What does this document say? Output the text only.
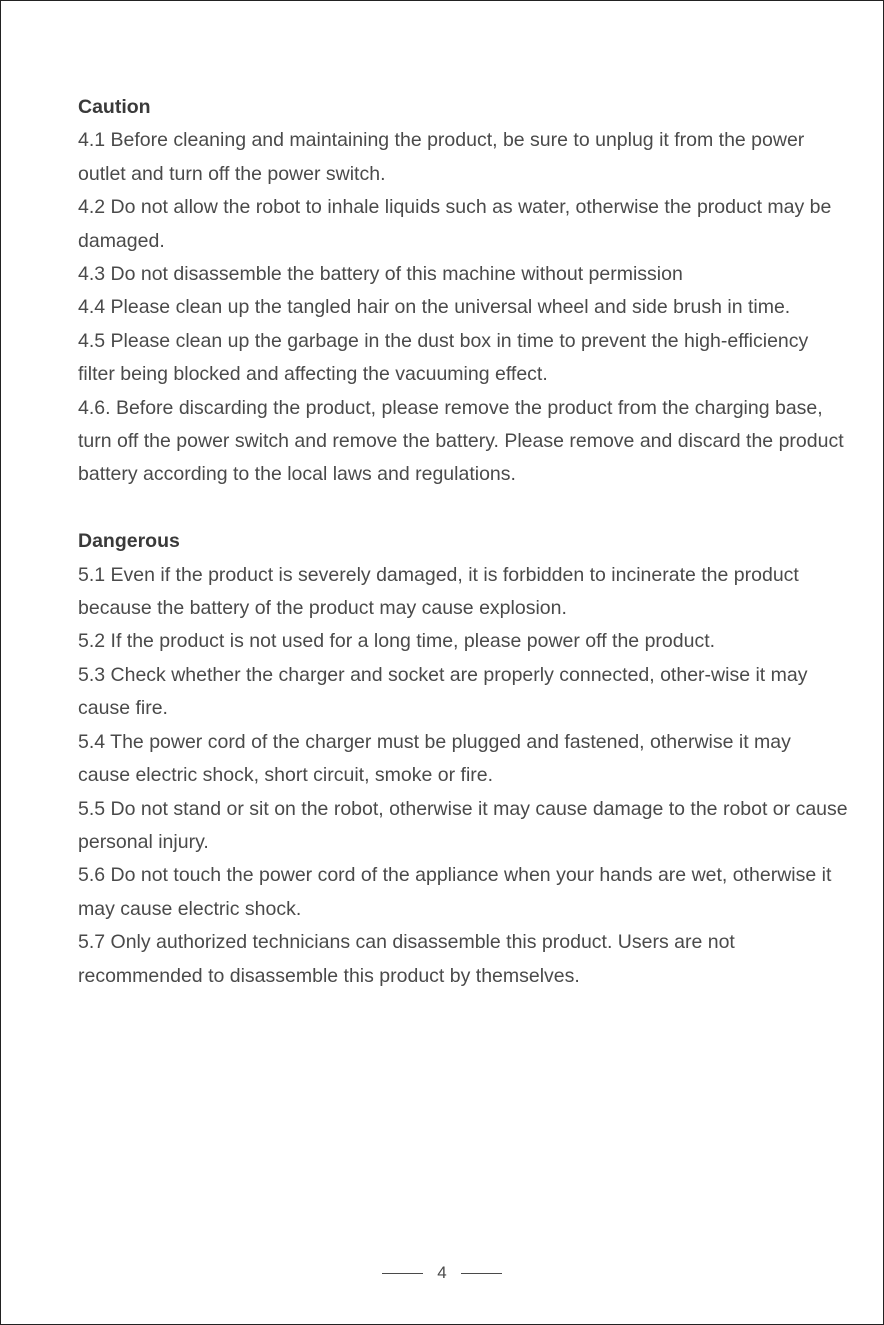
Caution

4.1 Before cleaning and maintaining the product, be sure to unplug it from the power outlet and turn off the power switch.

4.2 Do not allow the robot to inhale liquids such as water, otherwise the product may be damaged.

4.3 Do not disassemble the battery of this machine without permission

4.4 Please clean up the tangled hair on the universal wheel and side brush in time.

4.5 Please clean up the garbage in the dust box in time to prevent the high-efficiency filter being blocked and affecting the vacuuming effect.

4.6. Before discarding the product, please remove the product from the charging base, turn off the power switch and remove the battery. Please remove and discard the product battery according to the local laws and regulations.

Dangerous

5.1 Even if the product is severely damaged, it is forbidden to incinerate the product because the battery of the product may cause explosion.

5.2 If the product is not used for a long time, please power off the product.

5.3 Check whether the charger and socket are properly connected, other-wise it may cause fire.

5.4 The power cord of the charger must be plugged and fastened, otherwise it may cause electric shock, short circuit, smoke or fire.

5.5 Do not stand or sit on the robot, otherwise it may cause damage to the robot or cause personal injury.

5.6 Do not touch the power cord of the appliance when your hands are wet, otherwise it may cause electric shock.

5.7 Only authorized technicians can disassemble this product. Users are not recommended to disassemble this product by themselves.

4
